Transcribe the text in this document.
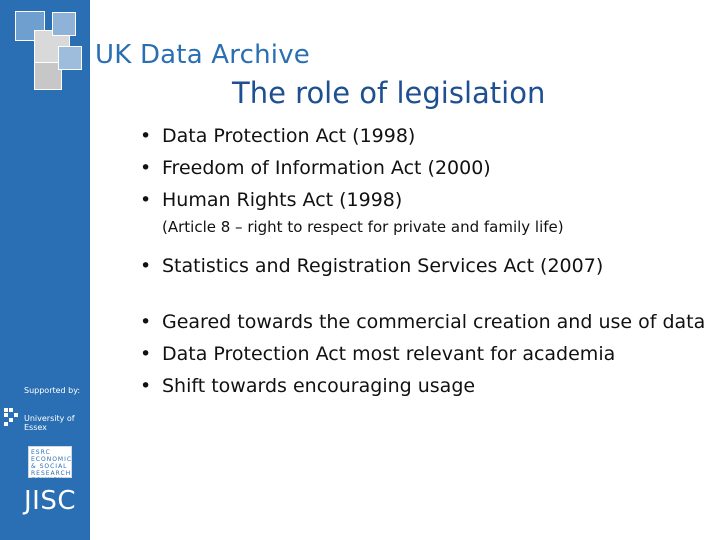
UK Data Archive
The role of legislation
• Data Protection Act (1998)
• Freedom of Information Act (2000)
• Human Rights Act (1998)
(Article 8 – right to respect for private and family life)
• Statistics and Registration Services Act (2007)
• Geared towards the commercial creation and use of data
• Data Protection Act most relevant for academia
• Shift towards encouraging usage
Supported by:
University of Essex
ESRC
ECONOMIC
& SOCIAL
RESEARCH
COUNCIL
JISC
